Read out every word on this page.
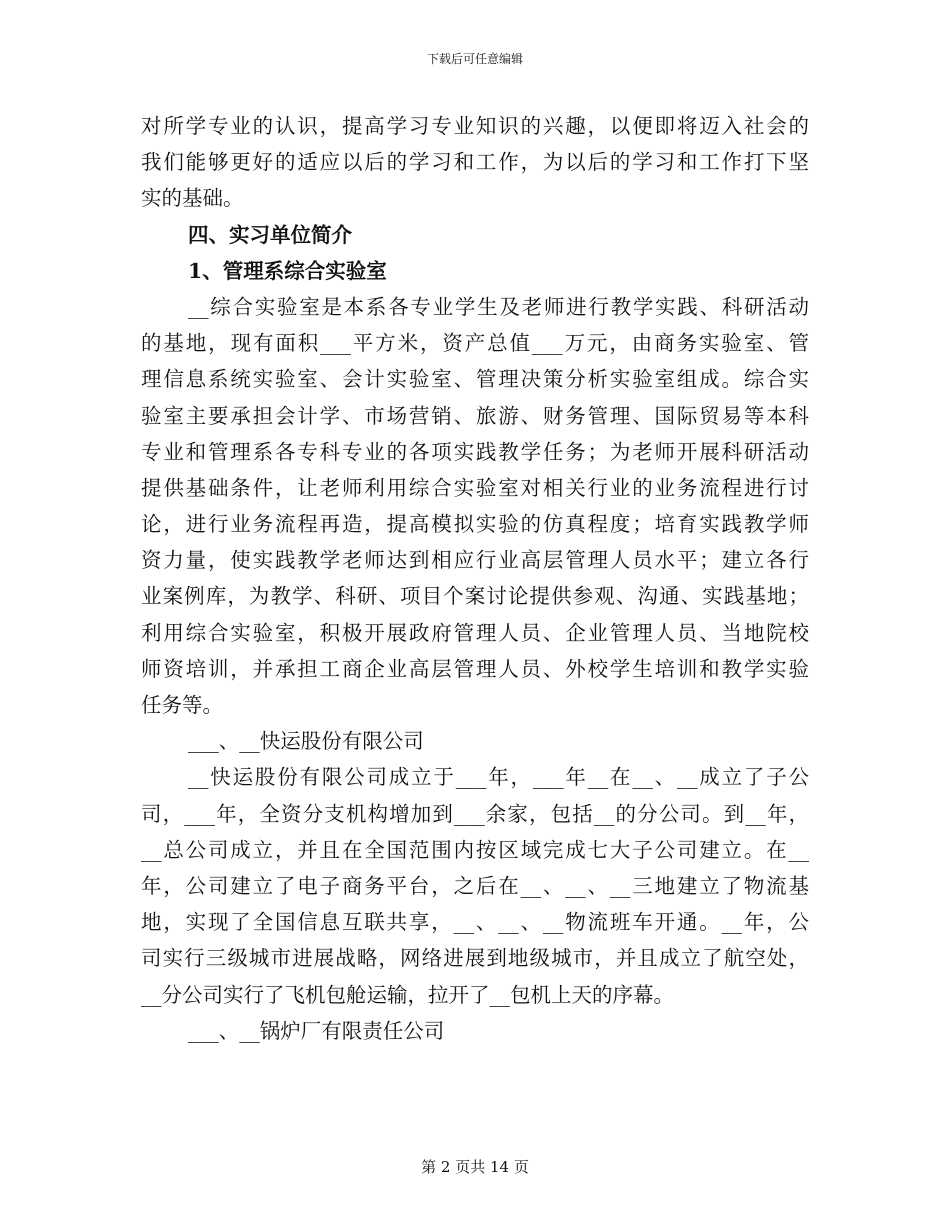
下载后可任意编辑
对所学专业的认识，提高学习专业知识的兴趣，以便即将迈入社会的
我们能够更好的适应以后的学习和工作，为以后的学习和工作打下坚
实的基础。
四、实习单位简介
1、管理系综合实验室
__综合实验室是本系各专业学生及老师进行教学实践、科研活动
的基地，现有面积___平方米，资产总值___万元，由商务实验室、管
理信息系统实验室、会计实验室、管理决策分析实验室组成。综合实
验室主要承担会计学、市场营销、旅游、财务管理、国际贸易等本科
专业和管理系各专科专业的各项实践教学任务；为老师开展科研活动
提供基础条件，让老师利用综合实验室对相关行业的业务流程进行讨
论，进行业务流程再造，提高模拟实验的仿真程度；培育实践教学师
资力量，使实践教学老师达到相应行业高层管理人员水平；建立各行
业案例库，为教学、科研、项目个案讨论提供参观、沟通、实践基地；
利用综合实验室，积极开展政府管理人员、企业管理人员、当地院校
师资培训，并承担工商企业高层管理人员、外校学生培训和教学实验
任务等。
___、__快运股份有限公司
__快运股份有限公司成立于___年，___年__在__、__成立了子公
司，___年，全资分支机构增加到___余家，包括__的分公司。到__年，
__总公司成立，并且在全国范围内按区域完成七大子公司建立。在__
年，公司建立了电子商务平台，之后在__、__、__三地建立了物流基
地，实现了全国信息互联共享，__、__、__物流班车开通。__年，公
司实行三级城市进展战略，网络进展到地级城市，并且成立了航空处，
__分公司实行了飞机包舱运输，拉开了__包机上天的序幕。
___、__锅炉厂有限责任公司
第 2 页共 14 页
